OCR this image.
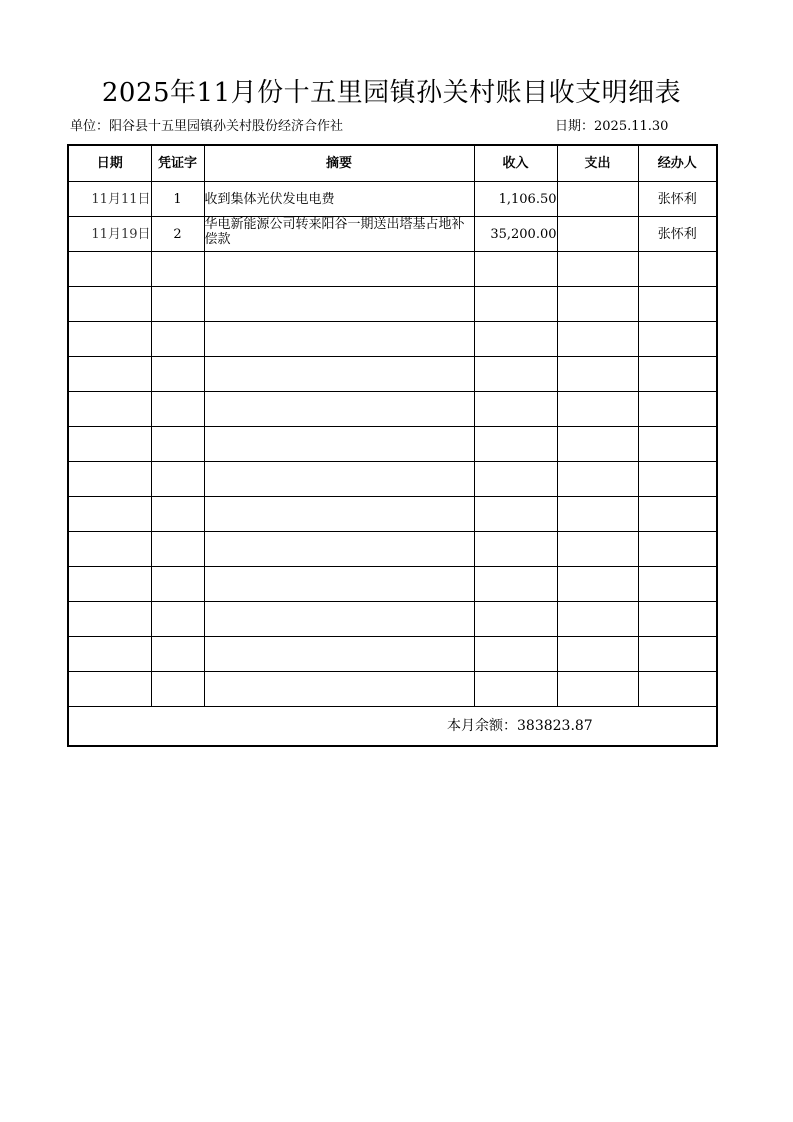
2025年11月份十五里园镇孙关村账目收支明细表
单位：阳谷县十五里园镇孙关村股份经济合作社	日期：2025.11.30
日期	凭证字	摘要	收入	支出	经办人
11月11日	1	收到集体光伏发电电费	1,106.50		张怀利
11月19日	2	华电新能源公司转来阳谷一期送出塔基占地补偿款	35,200.00		张怀利

本月余额：383823.87					
